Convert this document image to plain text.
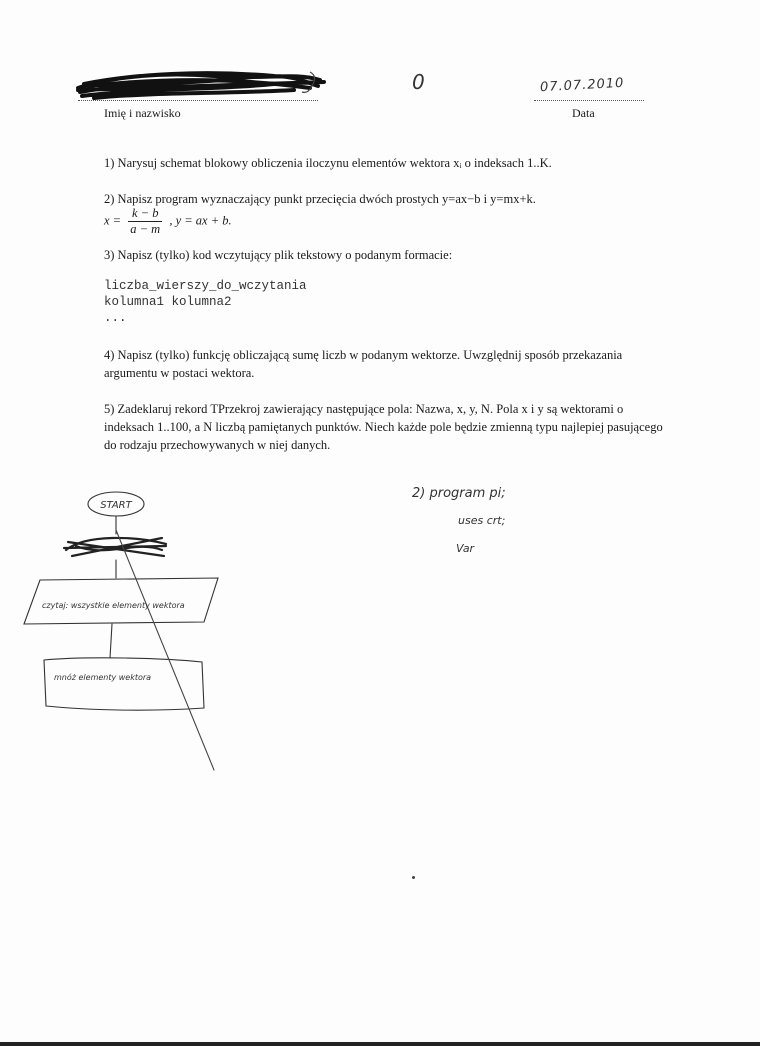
Imię i nazwisko
0	07.07.2010
Data
1) Narysuj schemat blokowy obliczenia iloczynu elementów wektora xᵢ o indeksach 1..K.
2) Napisz program wyznaczający punkt przecięcia dwóch prostych y=ax−b i y=mx+k.
$x = \frac{k - b}{a - m}$ , y = ax + b.
3) Napisz (tylko) kod wczytujący plik tekstowy o podanym formacie:
liczba_wierszy_do_wczytania
kolumna1 kolumna2
...
4) Napisz (tylko) funkcję obliczającą sumę liczb w podanym wektorze. Uwzględnij sposób przekazania argumentu w postaci wektora.
5) Zadeklaruj rekord TPrzekroj zawierający następujące pola: Nazwa, x, y, N. Pola x i y są wektorami o indeksach 1..100, a N liczbą pamiętanych punktów. Niech każde pole będzie zmienną typu najlepiej pasującego do rodzaju przechowywanych w niej danych.
START
czytaj: wszystkie elementy wektora
mnóż elementy wektora
2) program pi;
uses crt;
Var
